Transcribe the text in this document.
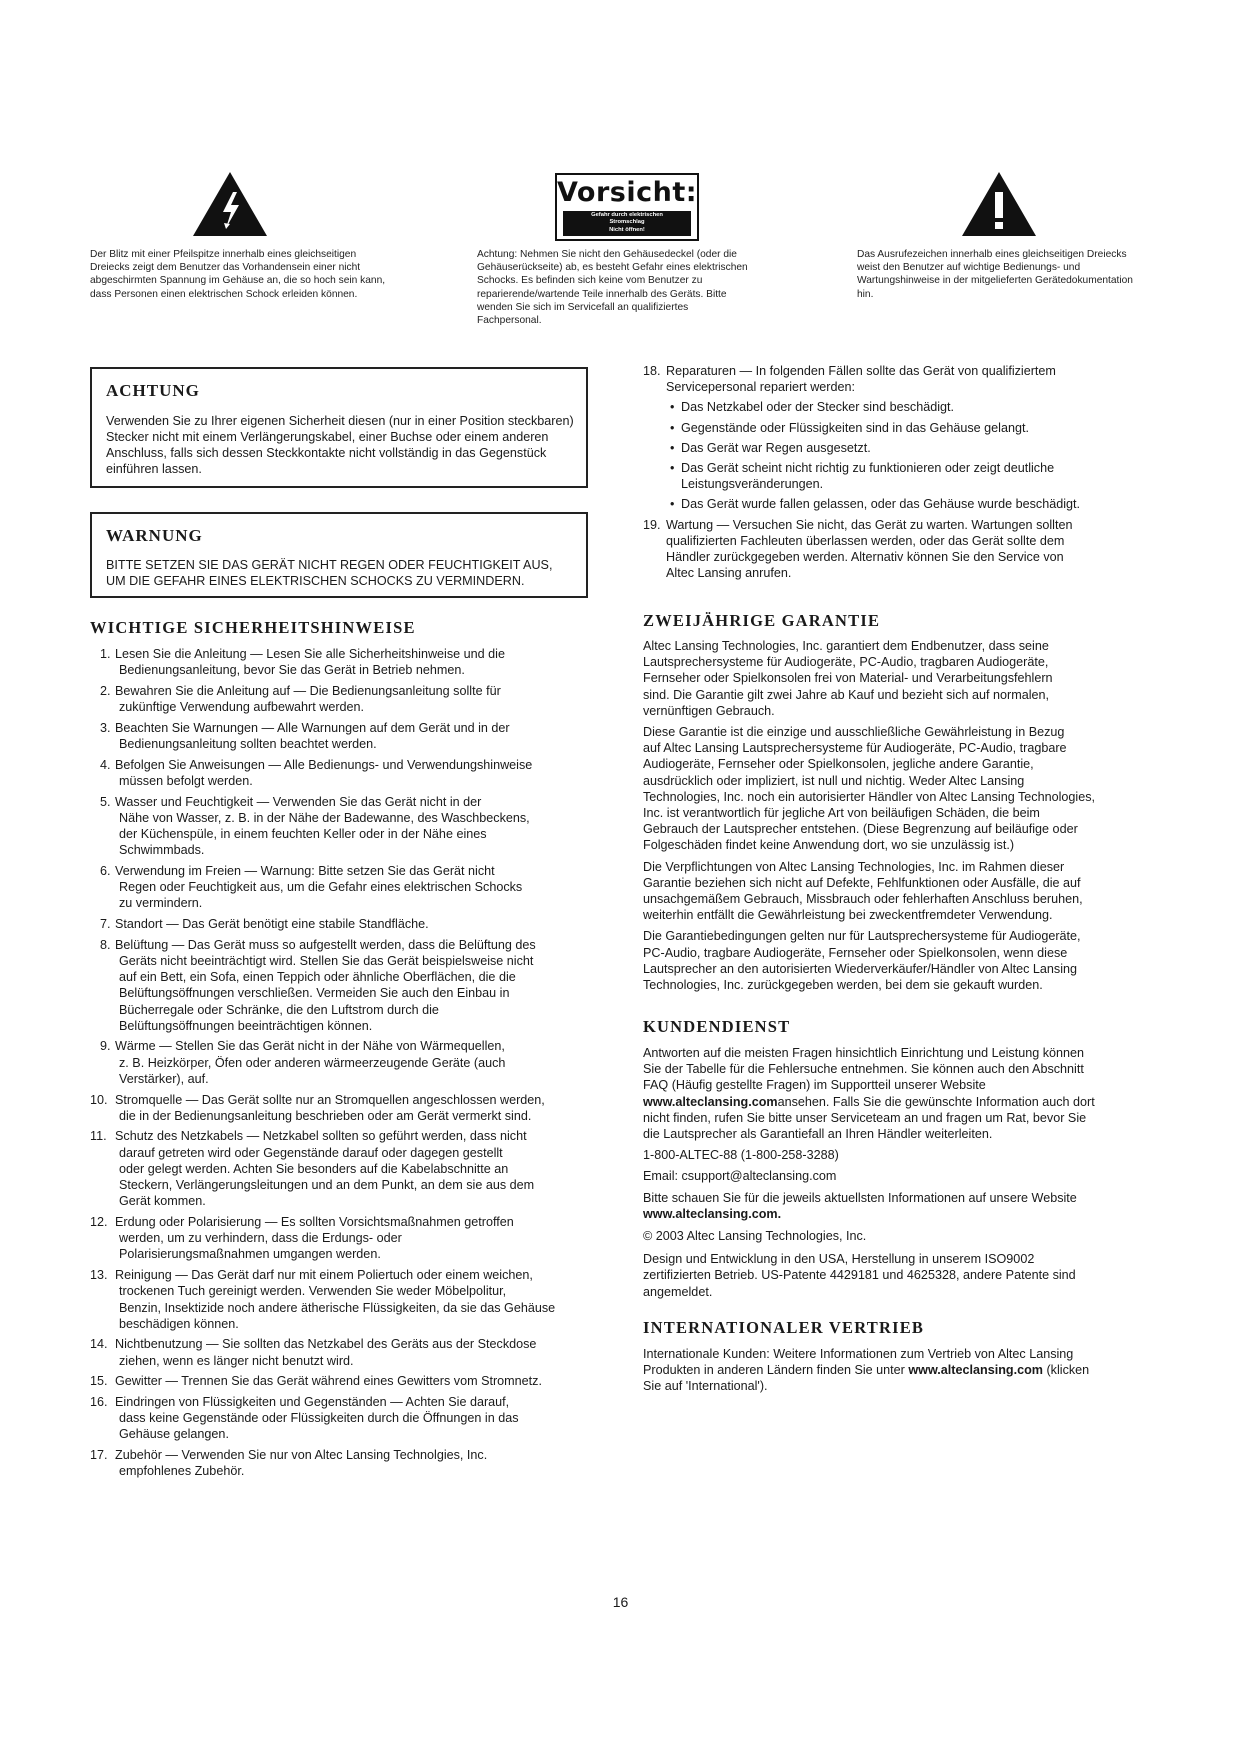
Der Blitz mit einer Pfeilspitze innerhalb eines gleichseitigen Dreiecks zeigt dem Benutzer das Vorhandensein einer nicht abgeschirmten Spannung im Gehäuse an, die so hoch sein kann, dass Personen einen elektrischen Schock erleiden können.
Vorsicht:
Gefahr durch elektrischen
Stromschlag
Nicht öffnen!
Achtung: Nehmen Sie nicht den Gehäusedeckel (oder die Gehäuserückseite) ab, es besteht Gefahr eines elektrischen Schocks. Es befinden sich keine vom Benutzer zu reparierende/wartende Teile innerhalb des Geräts. Bitte wenden Sie sich im Servicefall an qualifiziertes Fachpersonal.
Das Ausrufezeichen innerhalb eines gleichseitigen Dreiecks weist den Benutzer auf wichtige Bedienungs- und Wartungshinweise in der mitgelieferten Gerätedokumentation hin.
ACHTUNG

Verwenden Sie zu Ihrer eigenen Sicherheit diesen (nur in einer Position steckbaren) Stecker nicht mit einem Verlängerungskabel, einer Buchse oder einem anderen Anschluss, falls sich dessen Steckkontakte nicht vollständig in das Gegenstück einführen lassen.

WARNUNG

BITTE SETZEN SIE DAS GERÄT NICHT REGEN ODER FEUCHTIGKEIT AUS,
UM DIE GEFAHR EINES ELEKTRISCHEN SCHOCKS ZU VERMINDERN.

WICHTIGE SICHERHEITSHINWEISE
1. Lesen Sie die Anleitung — Lesen Sie alle Sicherheitshinweise und die
Bedienungsanleitung, bevor Sie das Gerät in Betrieb nehmen.
2. Bewahren Sie die Anleitung auf — Die Bedienungsanleitung sollte für
zukünftige Verwendung aufbewahrt werden.
3. Beachten Sie Warnungen — Alle Warnungen auf dem Gerät und in der
Bedienungsanleitung sollten beachtet werden.
4. Befolgen Sie Anweisungen — Alle Bedienungs- und Verwendungshinweise
müssen befolgt werden.
5. Wasser und Feuchtigkeit — Verwenden Sie das Gerät nicht in der
Nähe von Wasser, z. B. in der Nähe der Badewanne, des Waschbeckens,
der Küchenspüle, in einem feuchten Keller oder in der Nähe eines
Schwimmbads.
6. Verwendung im Freien — Warnung: Bitte setzen Sie das Gerät nicht
Regen oder Feuchtigkeit aus, um die Gefahr eines elektrischen Schocks
zu vermindern.
7. Standort — Das Gerät benötigt eine stabile Standfläche.
8. Belüftung — Das Gerät muss so aufgestellt werden, dass die Belüftung des
Geräts nicht beeinträchtigt wird. Stellen Sie das Gerät beispielsweise nicht
auf ein Bett, ein Sofa, einen Teppich oder ähnliche Oberflächen, die die
Belüftungsöffnungen verschließen. Vermeiden Sie auch den Einbau in
Bücherregale oder Schränke, die den Luftstrom durch die
Belüftungsöffnungen beeinträchtigen können.
9. Wärme — Stellen Sie das Gerät nicht in der Nähe von Wärmequellen,
z. B. Heizkörper, Öfen oder anderen wärmeerzeugende Geräte (auch
Verstärker), auf.
10. Stromquelle — Das Gerät sollte nur an Stromquellen angeschlossen werden,
die in der Bedienungsanleitung beschrieben oder am Gerät vermerkt sind.
11. Schutz des Netzkabels — Netzkabel sollten so geführt werden, dass nicht
darauf getreten wird oder Gegenstände darauf oder dagegen gestellt
oder gelegt werden. Achten Sie besonders auf die Kabelabschnitte an
Steckern, Verlängerungsleitungen und an dem Punkt, an dem sie aus dem
Gerät kommen.
12. Erdung oder Polarisierung — Es sollten Vorsichtsmaßnahmen getroffen
werden, um zu verhindern, dass die Erdungs- oder
Polarisierungsmaßnahmen umgangen werden.
13. Reinigung — Das Gerät darf nur mit einem Poliertuch oder einem weichen,
trockenen Tuch gereinigt werden. Verwenden Sie weder Möbelpolitur,
Benzin, Insektizide noch andere ätherische Flüssigkeiten, da sie das Gehäuse
beschädigen können.
14. Nichtbenutzung — Sie sollten das Netzkabel des Geräts aus der Steckdose
ziehen, wenn es länger nicht benutzt wird.
15. Gewitter — Trennen Sie das Gerät während eines Gewitters vom Stromnetz.
16. Eindringen von Flüssigkeiten und Gegenständen — Achten Sie darauf,
dass keine Gegenstände oder Flüssigkeiten durch die Öffnungen in das
Gehäuse gelangen.
17. Zubehör — Verwenden Sie nur von Altec Lansing Technolgies, Inc.
empfohlenes Zubehör.
18. Reparaturen — In folgenden Fällen sollte das Gerät von qualifiziertem
Servicepersonal repariert werden:
• Das Netzkabel oder der Stecker sind beschädigt.
• Gegenstände oder Flüssigkeiten sind in das Gehäuse gelangt.
• Das Gerät war Regen ausgesetzt.
• Das Gerät scheint nicht richtig zu funktionieren oder zeigt deutliche
Leistungsveränderungen.
• Das Gerät wurde fallen gelassen, oder das Gehäuse wurde beschädigt.
19. Wartung — Versuchen Sie nicht, das Gerät zu warten. Wartungen sollten
qualifizierten Fachleuten überlassen werden, oder das Gerät sollte dem
Händler zurückgegeben werden. Alternativ können Sie den Service von
Altec Lansing anrufen.
ZWEIJÄHRIGE GARANTIE

Altec Lansing Technologies, Inc. garantiert dem Endbenutzer, dass seine
Lautsprechersysteme für Audiogeräte, PC-Audio, tragbaren Audiogeräte,
Fernseher oder Spielkonsolen frei von Material- und Verarbeitungsfehlern
sind. Die Garantie gilt zwei Jahre ab Kauf und bezieht sich auf normalen,
vernünftigen Gebrauch.

Diese Garantie ist die einzige und ausschließliche Gewährleistung in Bezug
auf Altec Lansing Lautsprechersysteme für Audiogeräte, PC-Audio, tragbare
Audiogeräte, Fernseher oder Spielkonsolen, jegliche andere Garantie,
ausdrücklich oder impliziert, ist null und nichtig. Weder Altec Lansing
Technologies, Inc. noch ein autorisierter Händler von Altec Lansing Technologies,
Inc. ist verantwortlich für jegliche Art von beiläufigen Schäden, die beim
Gebrauch der Lautsprecher entstehen. (Diese Begrenzung auf beiläufige oder
Folgeschäden findet keine Anwendung dort, wo sie unzulässig ist.)

Die Verpflichtungen von Altec Lansing Technologies, Inc. im Rahmen dieser
Garantie beziehen sich nicht auf Defekte, Fehlfunktionen oder Ausfälle, die auf
unsachgemäßem Gebrauch, Missbrauch oder fehlerhaften Anschluss beruhen,
weiterhin entfällt die Gewährleistung bei zweckentfremdeter Verwendung.

Die Garantiebedingungen gelten nur für Lautsprechersysteme für Audiogeräte,
PC-Audio, tragbare Audiogeräte, Fernseher oder Spielkonsolen, wenn diese
Lautsprecher an den autorisierten Wiederverkäufer/Händler von Altec Lansing
Technologies, Inc. zurückgegeben werden, bei dem sie gekauft wurden.

KUNDENDIENST

Antworten auf die meisten Fragen hinsichtlich Einrichtung und Leistung können
Sie der Tabelle für die Fehlersuche entnehmen. Sie können auch den Abschnitt
FAQ (Häufig gestellte Fragen) im Supportteil unserer Website
www.alteclansing.comansehen. Falls Sie die gewünschte Information auch dort
nicht finden, rufen Sie bitte unser Serviceteam an und fragen um Rat, bevor Sie
die Lautsprecher als Garantiefall an Ihren Händler weiterleiten.

1-800-ALTEC-88 (1-800-258-3288)

Email: csupport@alteclansing.com

Bitte schauen Sie für die jeweils aktuellsten Informationen auf unsere Website
www.alteclansing.com.

© 2003 Altec Lansing Technologies, Inc.

Design und Entwicklung in den USA, Herstellung in unserem ISO9002
zertifizierten Betrieb. US-Patente 4429181 und 4625328, andere Patente sind
angemeldet.

INTERNATIONALER VERTRIEB

Internationale Kunden: Weitere Informationen zum Vertrieb von Altec Lansing
Produkten in anderen Ländern finden Sie unter www.alteclansing.com (klicken
Sie auf 'International').

16
